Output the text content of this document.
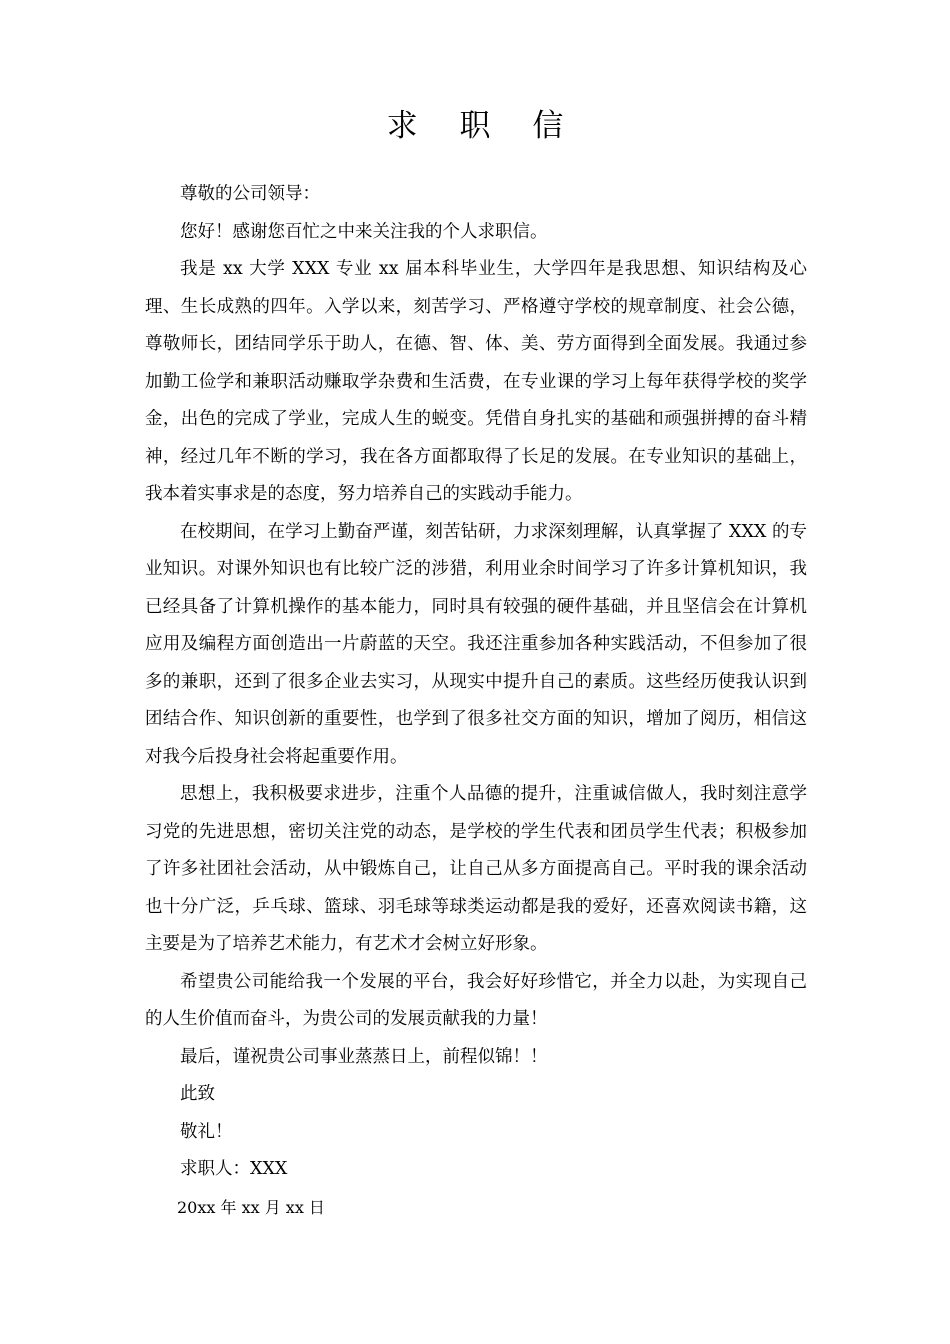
求 职 信

尊敬的公司领导：

您好！感谢您百忙之中来关注我的个人求职信。

我是 xx 大学 XXX 专业 xx 届本科毕业生，大学四年是我思想、知识结构及心理、生长成熟的四年。入学以来，刻苦学习、严格遵守学校的规章制度、社会公德，尊敬师长，团结同学乐于助人，在德、智、体、美、劳方面得到全面发展。我通过参加勤工俭学和兼职活动赚取学杂费和生活费，在专业课的学习上每年获得学校的奖学金，出色的完成了学业，完成人生的蜕变。凭借自身扎实的基础和顽强拼搏的奋斗精神，经过几年不断的学习，我在各方面都取得了长足的发展。在专业知识的基础上，我本着实事求是的态度，努力培养自己的实践动手能力。

在校期间，在学习上勤奋严谨，刻苦钻研，力求深刻理解，认真掌握了 XXX 的专业知识。对课外知识也有比较广泛的涉猎，利用业余时间学习了许多计算机知识，我已经具备了计算机操作的基本能力，同时具有较强的硬件基础，并且坚信会在计算机应用及编程方面创造出一片蔚蓝的天空。我还注重参加各种实践活动，不但参加了很多的兼职，还到了很多企业去实习，从现实中提升自己的素质。这些经历使我认识到团结合作、知识创新的重要性，也学到了很多社交方面的知识，增加了阅历，相信这对我今后投身社会将起重要作用。

思想上，我积极要求进步，注重个人品德的提升，注重诚信做人，我时刻注意学习党的先进思想，密切关注党的动态，是学校的学生代表和团员学生代表；积极参加了许多社团社会活动，从中锻炼自己，让自己从多方面提高自己。平时我的课余活动也十分广泛，乒乓球、篮球、羽毛球等球类运动都是我的爱好，还喜欢阅读书籍，这主要是为了培养艺术能力，有艺术才会树立好形象。

希望贵公司能给我一个发展的平台，我会好好珍惜它，并全力以赴，为实现自己的人生价值而奋斗，为贵公司的发展贡献我的力量！

最后，谨祝贵公司事业蒸蒸日上，前程似锦！！

此致

敬礼！

求职人：XXX

20xx 年 xx 月 xx 日
